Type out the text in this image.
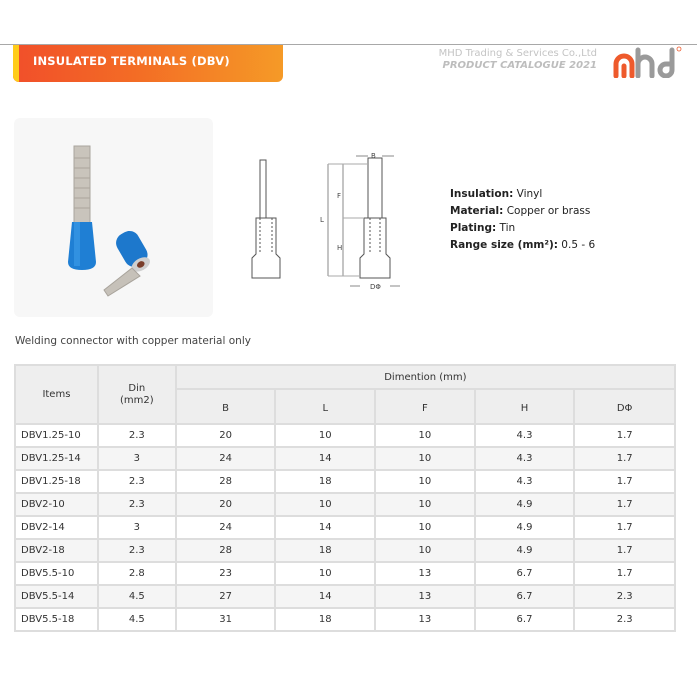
INSULATED TERMINALS (DBV)
MHD Trading & Services Co.,Ltd
PRODUCT CATALOGUE 2021
B
L
F
H
DΦ
Insulation: Vinyl
Material: Copper or brass
Plating: Tin
Range size (mm²): 0.5 - 6
Welding connector with copper material only
Items	Din (mm2)	Dimention (mm)				
		B	L	F	H	DΦ
DBV1.25-10	2.3	20	10	10	4.3	1.7
DBV1.25-14	3	24	14	10	4.3	1.7
DBV1.25-18	2.3	28	18	10	4.3	1.7
DBV2-10	2.3	20	10	10	4.9	1.7
DBV2-14	3	24	14	10	4.9	1.7
DBV2-18	2.3	28	18	10	4.9	1.7
DBV5.5-10	2.8	23	10	13	6.7	1.7
DBV5.5-14	4.5	27	14	13	6.7	2.3
DBV5.5-18	4.5	31	18	13	6.7	2.3
